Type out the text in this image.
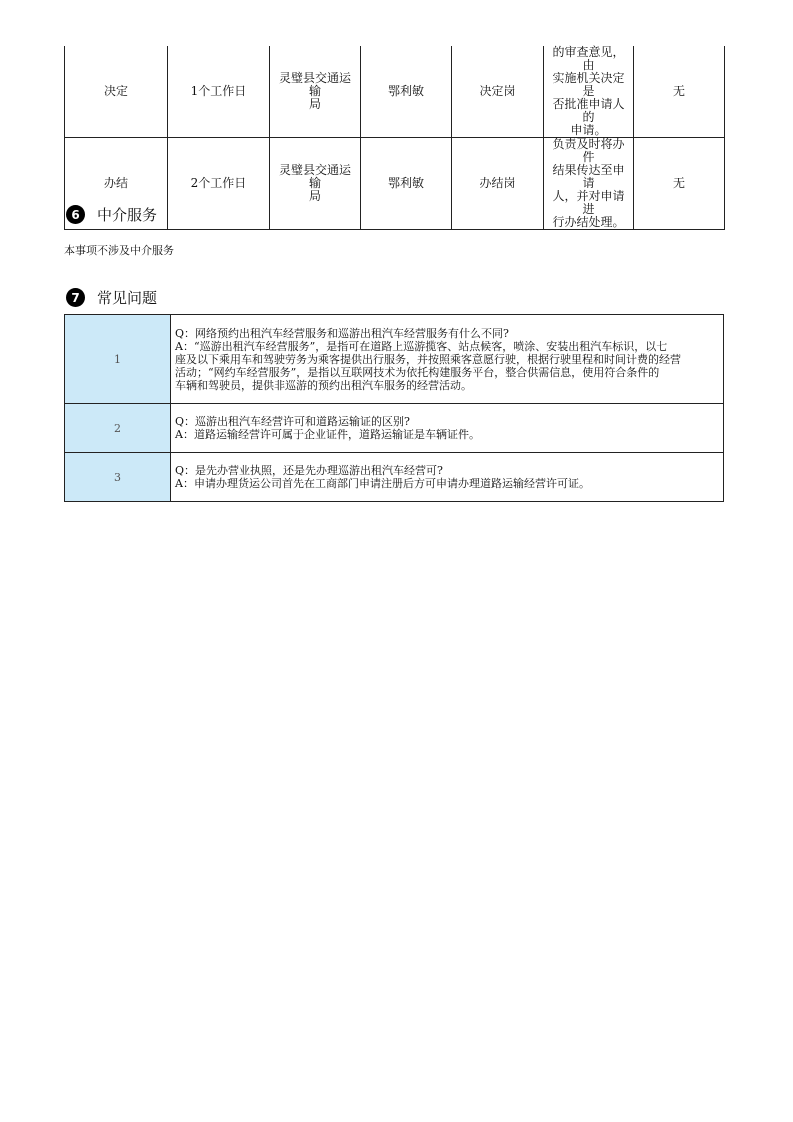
决定	1个工作日	灵璧县交通运输
局	鄂利敏	决定岗	的审查意见，由
实施机关决定是
否批准申请人的
申请。	无
办结	2个工作日	灵璧县交通运输
局	鄂利敏	办结岗	负责及时将办件
结果传达至申请
人，并对申请进
行办结处理。	无
6	中介服务
本事项不涉及中介服务
7	常见问题
1	Q：网络预约出租汽车经营服务和巡游出租汽车经营服务有什么不同?
A：“巡游出租汽车经营服务”，是指可在道路上巡游揽客、站点候客，喷涂、安装出租汽车标识，以七
座及以下乘用车和驾驶劳务为乘客提供出行服务，并按照乘客意愿行驶，根据行驶里程和时间计费的经营
活动；“网约车经营服务”，是指以互联网技术为依托构建服务平台，整合供需信息，使用符合条件的
车辆和驾驶员，提供非巡游的预约出租汽车服务的经营活动。

2	Q：巡游出租汽车经营许可和道路运输证的区别?
A：道路运输经营许可属于企业证件，道路运输证是车辆证件。

3	Q：是先办营业执照，还是先办理巡游出租汽车经营可?
A：申请办理货运公司首先在工商部门申请注册后方可申请办理道路运输经营许可证。
